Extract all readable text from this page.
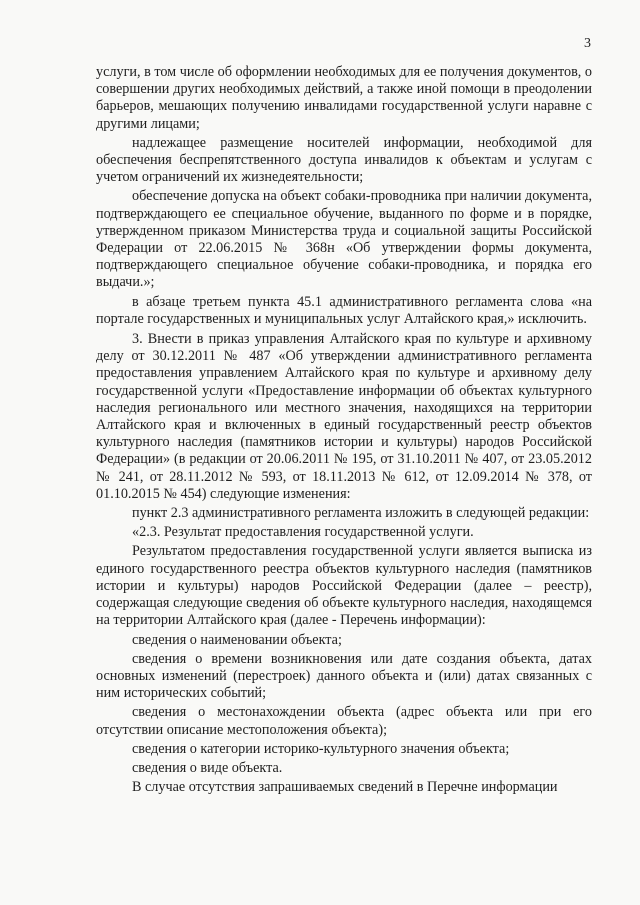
3

услуги, в том числе об оформлении необходимых для ее получения документов, о совершении других необходимых действий, а также иной помощи в преодолении барьеров, мешающих получению инвалидами государственной услуги наравне с другими лицами;

надлежащее размещение носителей информации, необходимой для обеспечения беспрепятственного доступа инвалидов к объектам и услугам с учетом ограничений их жизнедеятельности;

обеспечение допуска на объект собаки-проводника при наличии документа, подтверждающего ее специальное обучение, выданного по форме и в порядке, утвержденном приказом Министерства труда и социальной защиты Российской Федерации от 22.06.2015 № 368н «Об утверждении формы документа, подтверждающего специальное обучение собаки-проводника, и порядка его выдачи.»;

в абзаце третьем пункта 45.1 административного регламента слова «на портале государственных и муниципальных услуг Алтайского края,» исключить.

3. Внести в приказ управления Алтайского края по культуре и архивному делу от 30.12.2011 № 487 «Об утверждении административного регламента предоставления управлением Алтайского края по культуре и архивному делу государственной услуги «Предоставление информации об объектах культурного наследия регионального или местного значения, находящихся на территории Алтайского края и включенных в единый государственный реестр объектов культурного наследия (памятников истории и культуры) народов Российской Федерации» (в редакции от 20.06.2011 № 195, от 31.10.2011 № 407, от 23.05.2012 № 241, от 28.11.2012 № 593, от 18.11.2013 № 612, от 12.09.2014 № 378, от 01.10.2015 № 454) следующие изменения:

пункт 2.3 административного регламента изложить в следующей редакции:

«2.3. Результат предоставления государственной услуги.

Результатом предоставления государственной услуги является выписка из единого государственного реестра объектов культурного наследия (памятников истории и культуры) народов Российской Федерации (далее – реестр), содержащая следующие сведения об объекте культурного наследия, находящемся на территории Алтайского края (далее - Перечень информации):

сведения о наименовании объекта;

сведения о времени возникновения или дате создания объекта, датах основных изменений (перестроек) данного объекта и (или) датах связанных с ним исторических событий;

сведения о местонахождении объекта (адрес объекта или при его отсутствии описание местоположения объекта);

сведения о категории историко-культурного значения объекта;

сведения о виде объекта.

В случае отсутствия запрашиваемых сведений в Перечне информации
